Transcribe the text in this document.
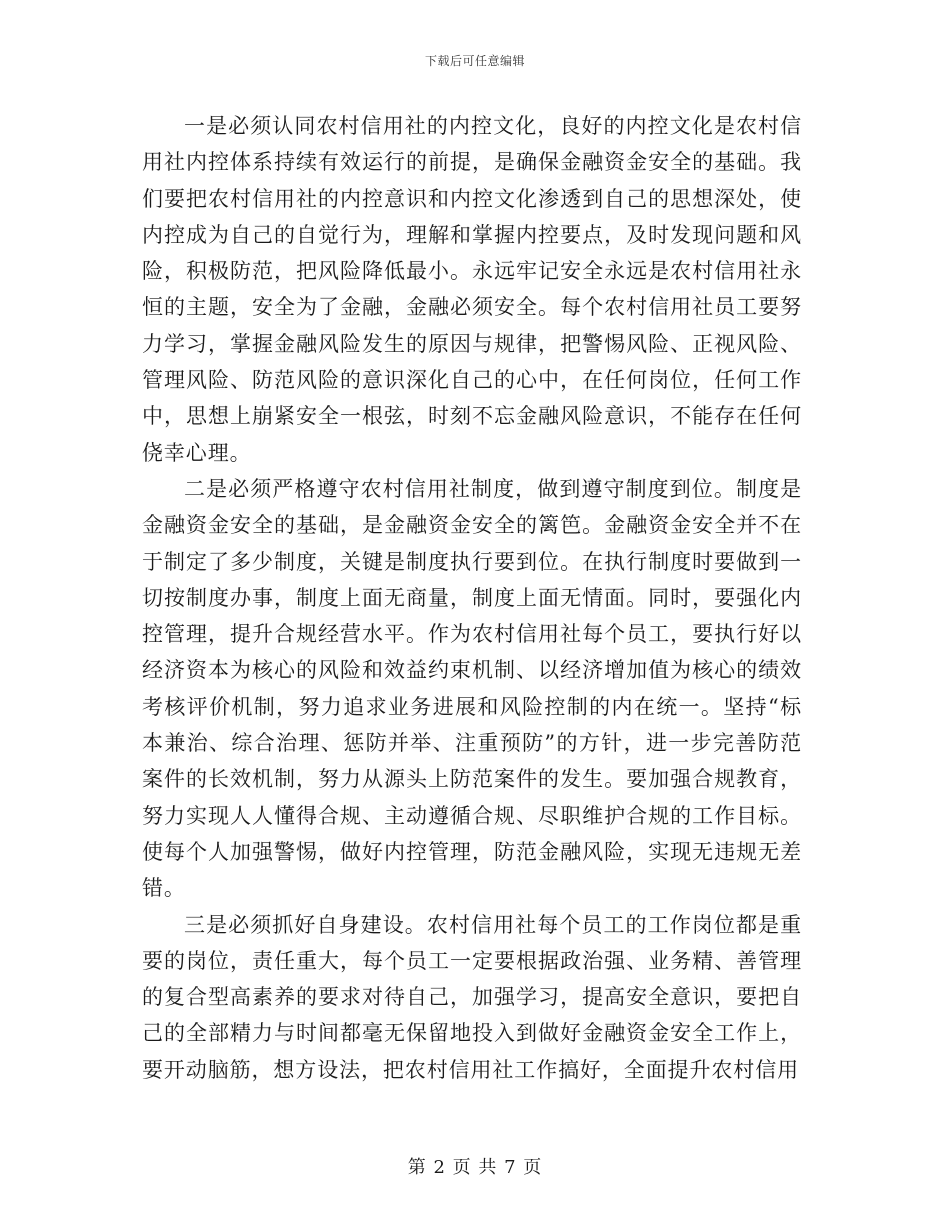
下载后可任意编辑

一是必须认同农村信用社的内控文化，良好的内控文化是农村信用社内控体系持续有效运行的前提，是确保金融资金安全的基础。我们要把农村信用社的内控意识和内控文化渗透到自己的思想深处，使内控成为自己的自觉行为，理解和掌握内控要点，及时发现问题和风险，积极防范，把风险降低最小。永远牢记安全永远是农村信用社永恒的主题，安全为了金融，金融必须安全。每个农村信用社员工要努力学习，掌握金融风险发生的原因与规律，把警惕风险、正视风险、管理风险、防范风险的意识深化自己的心中，在任何岗位，任何工作中，思想上崩紧安全一根弦，时刻不忘金融风险意识，不能存在任何侥幸心理。

二是必须严格遵守农村信用社制度，做到遵守制度到位。制度是金融资金安全的基础，是金融资金安全的篱笆。金融资金安全并不在于制定了多少制度，关键是制度执行要到位。在执行制度时要做到一切按制度办事，制度上面无商量，制度上面无情面。同时，要强化内控管理，提升合规经营水平。作为农村信用社每个员工，要执行好以经济资本为核心的风险和效益约束机制、以经济增加值为核心的绩效考核评价机制，努力追求业务进展和风险控制的内在统一。坚持“标本兼治、综合治理、惩防并举、注重预防”的方针，进一步完善防范案件的长效机制，努力从源头上防范案件的发生。要加强合规教育，努力实现人人懂得合规、主动遵循合规、尽职维护合规的工作目标。使每个人加强警惕，做好内控管理，防范金融风险，实现无违规无差错。

三是必须抓好自身建设。农村信用社每个员工的工作岗位都是重要的岗位，责任重大，每个员工一定要根据政治强、业务精、善管理的复合型高素养的要求对待自己，加强学习，提高安全意识，要把自己的全部精力与时间都毫无保留地投入到做好金融资金安全工作上，要开动脑筋，想方设法，把农村信用社工作搞好，全面提升农村信用

第 2 页 共 7 页
